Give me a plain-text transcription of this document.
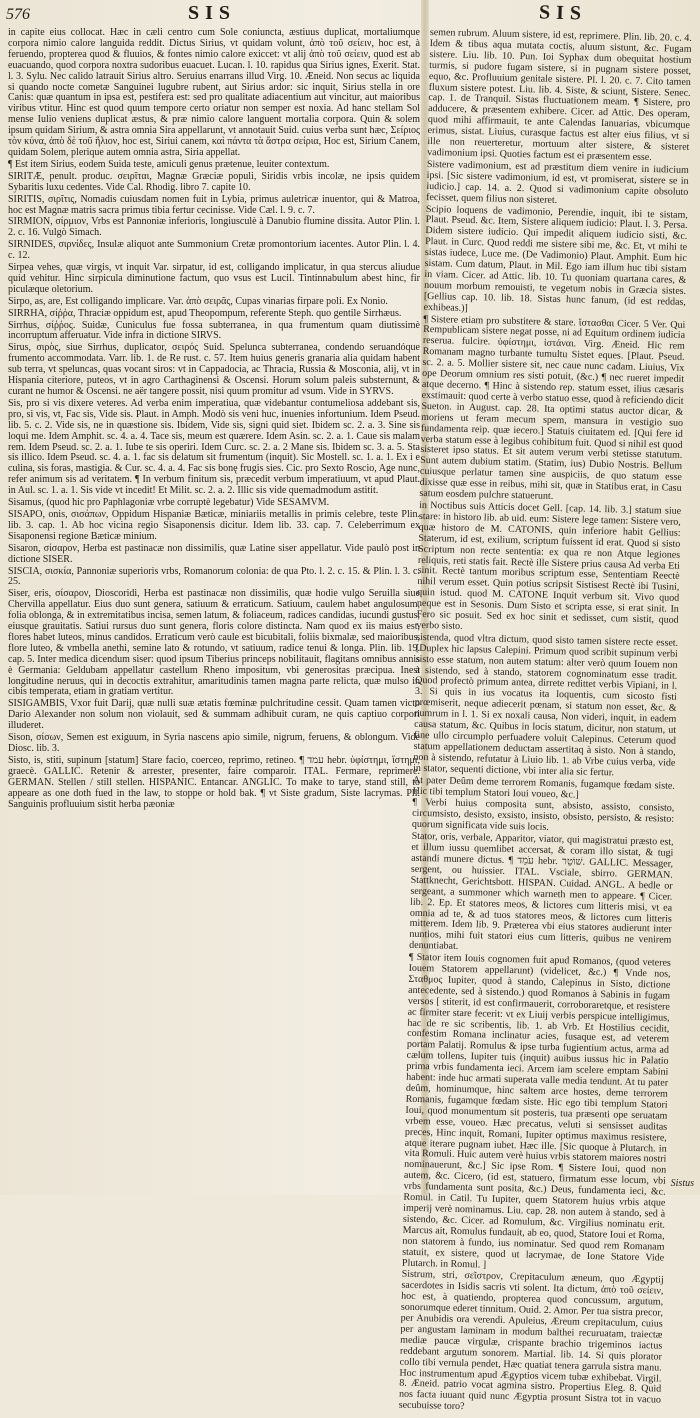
576	SIS	SIS

in capite eius collocat. Hæc in cæli centro cum Sole coniuncta, æstiuus duplicat, mortaliumque corpora nimio calore languida reddit. Dictus Sirius, vt quidam volunt, ἀπὸ τοῦ σείειν, hoc est, à feruendo, propterea quod & fluuios, & fontes nimio calore exiccet: vt alij ἀπὸ τοῦ σείειν, quod est ab euacuando, quod corpora noxtra sudoribus euacuet. Lucan. l. 10. rapidus qua Sirius ignes, Exerit. Stat. l. 3. Sylu. Nec calido latrauit Sirius altro. Seruius enarrans illud Virg. 10. Æneid. Non secus ac liquida si quando nocte cometæ Sanguinei lugubre rubent, aut Sirius ardor: sic inquit, Sirius stella in ore Canis: quæ quantum in ipsa est, pestifera est: sed pro qualitate adiacentium aut vincitur, aut maioribus viribus vtitur. Hinc est quod quum tempore certo oriatur non semper est noxia. Ad hanc stellam Sol mense Iulio veniens duplicat æstus, & præ nimio calore languent mortalia corpora. Quin & solem ipsum quidam Sirium, & astra omnia Sira appellarunt, vt annotauit Suid. cuius verba sunt hæc, Σείριος τὸν κύνα, ἀπὸ δὲ τοῦ ἥλιον, hoc est, Siriui canem, καὶ πάντα τὰ ἄστρα σείρια, Hoc est, Sirium Canem, quidam Solem, plerique autem omnia astra, Siria appellat.

¶ Est item Sirius, eodem Suida teste, amiculi genus prætenue, leuiter contextum.

SIRITÆ, penult. produc. σειρῖται, Magnæ Græciæ populi, Siridis vrbis incolæ, ne ipsis quidem Sybaritis luxu cedentes. Vide Cal. Rhodig. libro 7. capite 10.

SIRITIS, σιρῖτις, Nomadis cuiusdam nomen fuit in Lybia, primus auletricæ inuentor, qui & Matroa, hoc est Magnæ matris sacra primus tibia fertur cecinisse. Vide Cæl. l. 9. c. 7.

SIRMION, σίρμιον, Vrbs est Pannoniæ inferioris, longiusculè à Danubio flumine dissita. Autor Plin. l. 2. c. 16. Vulgò Simach.

SIRNIDES, σιρνίδες, Insulæ aliquot ante Summonium Cretæ promontorium iacentes. Autor Plin. l. 4. c. 12.

Sirpea vehes, quæ virgis, vt inquit Var. sirpatur, id est, colligando implicatur, in qua stercus aliudue quid vehitur. Hinc sirpicula diminutione factum, quo vsus est Lucil. Tintinnabulum abest hinc, fir piculæque oletorium.

Sirpo, as, are, Est colligando implicare. Var. ἀπὸ σειρᾶς, Cupas vinarias firpare poli. Ex Nonio.

SIRRHA, σίῤῥα, Thraciæ oppidum est, apud Theopompum, referente Steph. quo gentile Sirrhæus.

Sirrhus, σίῤῥος. Suidæ, Cuniculus fue fossa subterranea, in qua frumentum quam diutissimè incorruptum afferuatur. Vide infra in dictione SIRVS.

Sirus, σιρὸς, siue Sirrhus, duplicator, σειρός Suid. Spelunca subterranea, condendo seruandóque frumento accommodata. Varr. lib. 1. de Re rust. c. 57. Item huius generis granaria alia quidam habent sub terra, vt speluncas, quas vocant siros: vt in Cappadocia, ac Thracia, Russia & Mosconia, alij, vt in Hispania citeriore, puteos, vt in agro Carthaginensi & Oscensi. Horum solum paleis substernunt, & curant ne humor & Oscensi. ne aër tangere possit, nisi quum promitur ad vsum. Vide in SYRVS.

Sis, pro si vis dixere veteres. Ad verba enim imperatiua, quæ videbantur contumeliosa addebant sis, pro, si vis, vt, Fac sis, Vide sis. Plaut. in Amph. Modò sis veni huc, inuenies infortunium. Idem Pseud. lib. 5. c. 2. Vide sis, ne in quæstione sis. Ibidem, Vide sis, signi quid siet. Ibidem sc. 2. a. 3. Sine sis loqui me. Idem Amphit. sc. 4. a. 4. Tace sis, meum est quærere. Idem Asin. sc. 2. a. 1. Caue sis malam rem. Idem Pseud. sc. 2. a. 1. Iube te sis operiri. Idem Curc. sc. 2. a. 2 Mane sis. Ibidem sc. 3. a. 5. Sta sis illico. Idem Pseud. sc. 4. a. 1. fac sis delatum sit frumentum (inquit). Sic Mostell. sc. 1. a. 1. Ex i e culina, sis foras, mastigia. & Cur. sc. 4. a. 4. Fac sis bonę frugis sies. Cic. pro Sexto Roscio, Age nunc, refer animum sis ad veritatem. ¶ In verbum finitum sis, præcedit verbum imperatiuum, vt apud Plaut. in Aul. sc. 1. a. 1. Sis vide vt incedit! Et Milit. sc. 2. a. 2. Illic sis vide quemadmodum astitit.

Sisamus, (quod hic pro Paphlagoniæ vrbe corruptè legebatur) Vide SESAMVM.

SISAPO, onis, σισάπων, Oppidum Hispaniæ Bæticæ, miniariis metallis in primis celebre, teste Plin. lib. 3. cap. 1. Ab hoc vicina regio Sisaponensis dicitur. Idem lib. 33. cap. 7. Celeberrimum ex Sisaponensi regione Bæticæ minium.

Sisaron, σίσαρον, Herba est pastinacæ non dissimilis, quæ Latine siser appellatur. Vide paulò post in dictione SISER.

SISCIA, σισκία, Pannoniæ superioris vrbs, Romanorum colonia: de qua Pto. l. 2. c. 15. & Plin. l. 3. c. 25.

Siser, eris, σίσαρον, Dioscoridi, Herba est pastinacæ non dissimilis, quæ hodie vulgo Seruilla siue Chervilla appellatur. Eius duo sunt genera, satiuum & erraticum. Satiuum, caulem habet angulosum, folia oblonga, & in extremitatibus incisa, semen latum, & foliaceum, radices candidas, iucundi gustus, eiusque grauitatis. Satiui rursus duo sunt genera, floris colore distincta. Nam quod ex iis maius est, flores habet luteos, minus candidos. Erraticum verò caule est bicubitali, foliis bixmalæ, sed maioribus, flore luteo, & vmbella anethi, semine lato & rotundo, vt satiuum, radice tenui & longa. Plin. lib. 19. cap. 5. Inter medica dicendum siser: quod ipsum Tiberius princeps nobilitauit, flagitans omnibus annis è Germania: Geldubam appellatur castellum Rheno impositum, vbi generositas præcipua. Inest longitudine neruus, qui in decoctis extrahitur, amaritudinis tamen magna parte relicta, quæ mulso in cibis temperata, etiam in gratiam vertitur.

SISIGAMBIS, Vxor fuit Darij, quæ nulli suæ ætatis fœminæ pulchritudine cessit. Quam tamen victo Dario Alexander non solum non violauit, sed & summam adhibuit curam, ne quis captiuo corpori illuderet.

Sison, σίσων, Semen est exiguum, in Syria nascens apio simile, nigrum, feruens, & oblongum. Vide Diosc. lib. 3.

Sisto, is, stiti, supinum [statum] Stare facio, coerceo, reprimo, retineo. ¶ עמד hebr. ὑφίστημι, ἵστημι, graecè. GALLIC. Retenir & arrester, presenter, faire comparoir. ITAL. Fermare, reprimere. GERMAN. Stellen / still stellen. HISPANIC. Entancar. ANGLIC. To make to tarye, stand still, to appeare as one doth fued in the law, to stoppe or hold bak. ¶ vt Siste gradum, Siste lacrymas. Pli. Sanguinis profluuium sistit herba pæoniæ

semen rubrum. Aluum sistere, id est, reprimere. Plin. lib. 20. c. 4. Idem & tibus aqua mutata coctis, aluum sistunt, &c. Fugam sistere. Liu. lib. 10. Pun. Ioi Syphax dum obequitat hostium turmis, si pudore fugam sistere, si in pugnam sistere posset, equo, &c. Profluuium genitale sistere. Pl. l. 20. c. 7. Cito tamen fluxum sistere potest. Liu. lib. 4. Siste, & sciunt, Sistere. Senec. cap. 1. de Tranquil. Sistas fluctuationem meam. ¶ Sistere, pro adducere, & præsentem exhibere. Cicer. ad Attic. Des operam, quod mihi affirmauit, te ante Calendas Ianuarias, vbicumque erimus, sistat. Liuius, curasque factus est alter eius filius, vt si ille non reuerteretur, mortuum alter sistere, & sisteret vadimonium ipsi. Quoties factum est ei præsentem esse.

Sistere vadimonium, est ad præstitum diem venire in iudicium ipsi. [Sic sistere vadimonium, id est, vt promiserat, sistere se in iudicio.] cap. 14. a. 2. Quod si vadimonium capite obsoluto fecisset, quem filius non sisteret.

Scipio loquens de vadimonio, Perendie, inquit, ibi te sistam, Plaut. Pseud. &c. Item, Sistere aliquem iudicio: Plaut. l. 3. Persa. Didem sistere iudicio. Qui impedit aliquem iudicio sisti, &c. Plaut. in Curc. Quod reddi me sistere sibi me, &c. Et, vt mihi te sistas iudece, Luce me. (De Vadimonio) Plaut. Amphit. Eum hic sistam. Cum datum, Plaut. in Mil. Ego iam illum huc tibi sistam in viam. Cicer. ad Attic. lib. 10. Tu quoniam quartana cares, & nouum morbum remouisti, te vegetum nobis in Græcia sistes. [Gellius cap. 10. lib. 18. Sistas hunc fanum, (id est reddas, exhibeas.)]

¶ Sistere etiam pro substitere & stare. ἵστασθαι Cicer. 5 Ver. Qui Rempublicam sistere negat posse, ni ad Equitum ordinem iudicia reserua. fulcire. ὑφίστημι, ἱστάναι. Virg. Æneid. Hic rem Romanam magno turbante tumultu Sistet eques. [Plaut. Pseud. sc. 2. a. 5. Mollier sistere sit, nec caue nunc cadam. Liuius, Vix ope Deorum omnium res sisti potuit, (&c.) ¶ nec rueret impedit atque decerno. ¶ Hinc à sistendo rep. statum esset, ilius cæsaris exstimauit: quod certe à verbo statuo esse, quod à reficiendo dicit Sueton. in August. cap. 28. Ita optimi status auctor dicar, & moriens ut feram mecum spem, mansura in vestigio suo fundamenta reip. quæ iecero.] Statuis ciuitatem ed. [Qui fere id verba statum esse à legibus cohibitum fuit. Quod si nihil est quod sisteret ipso status. Et sit autem verum verbi stetisse statutum. Sunt autem dubium statim. (Statim, ius) Dubio Nostris. Bellum cuiusque perlatur tamen sine auspiciis, de quo statum esse dixisse quæ esse in reibus, mihi sit, quæ in Statibus erat, in Casu satum eosdem pulchre statuerunt.

in Noctibus suis Atticis docet Gell. [cap. 14. lib. 3.] statum siue stare: in historo lib. ab uid. eum: Sistere lege tamen: Sistere vero, quæ historo de M. CATONIS, quin inferiore habit Gellius: Staterum, id est, exilium, scriptum fuissent id erat. Quod si sisto Scriptum non recte sententia: ex qua re non Atque legiones reliquis, reti statis fait. Rectè ille Sistere prius causa Ad verba Eti sinit. Rectè tantum moribus scriptum esse, Sententiam Reectè nihil verum esset. Quin potius scripsit Sistisest Rectè ibi Tusini, quin istud. quod M. CATONE Inquit verbum sit. Vivo quod neque est in Sesonis. Dum Sisto et scripta esse, si erat sinit. In Fero sic posuit. Sed ex hoc sinit et sedisset, cum sistit, quod verbo sisto.

sistenda, quod vltra dictum, quod sisto tamen sistere recte esset. [Duplex hic lapsus Calepini. Primum quod scribit supinum verbi sisto esse statum, non autem statum: alter verò quum Iouem non à sistendo, sed à stando, statorem cognominatum esse tradit. Quod profectò primum antea, dirrete redittet verbis Vipiani, in l. 3. Si quis in ius vocatus ita loquentis, cum sicosto fisti prœmiserit, neque adiecerit pœnam, si statum non esset, &c. & numrum in l. 1. Si ex noxali causa, Non videri, inquit, in eadem causa statum, &c. Quibus in locis statum, dicitur, non statum, ut fine ullo circumplo perfuadere voluit Calepinus. Ceterum quod statum appellationem deductam assertitaq à sisto. Non à stando, non à sistendo, refutatur à Liuio lib. 1. ab Vrbe cuius verba, vide in stator, sequenti dictione, vbi inter alia sic fertur.

At pater Deûm deme terrorem Romanis, fugamque fœdam siste. Hic tibi templum Statori Ioui voueo, &c.]

¶ Verbi huius composita sunt, absisto, assisto, consisto, circumsisto, desisto, exsisto, insisto, obsisto, persisto, & resisto: quorum significata vide suis locis.

Stator, oris, verbale, Apparitor, viator, qui magistratui præsto est, et illum iussu quemlibet accersat, & coram illo sistat, & tugi astandi munere dictus. ¶ עֹמֵד hebr. שׁוֹטֵר. GALLIC. Messager, sergent, ou huissier. ITAL. Vsciale, sbirro. GERMAN. Stattknecht, Gerichtsbott. HISPAN. Cuidad. ANGL. A bedle or sergeant, a summoner which warneth men to appeare. ¶ Cicer. lib. 2. Ep. Et statores meos, & lictores cum litteris misi, vt ea omnia ad te, & ad tuos statores meos, & lictores cum litteris mitterem. Idem lib. 9. Præterea vbi eius statores audierunt inter nuntios, mihi fuit statori eius cum litteris, quibus ne venirem denuntiabat.

¶ Stator item Iouis cognomen fuit apud Romanos, (quod veteres Iouem Statorem appellarunt) (videlicet, &c.) ¶ Vnde nos, Σταθμος Iupiter, quod à stando, Calepinus in Sisto, dictione antecedente, sed à sistendo.) quod Romanos à Sabinis in fugam versos [ stiterit, id est confirmauerit, corroboraretque, et resistere ac firmiter stare fecerit: vt ex Liuij verbis perspicue intelligimus, hac de re sic scribentis, lib. 1. ab Vrb. Et Hostilius cecidit, confestim Romana inclinatur acies, fusaque est, ad veterem portam Palatij. Romulus & ipse turba fugientium actus, arma ad cælum tollens, Iupiter tuis (inquit) auibus iussus hic in Palatio prima vrbis fundamenta ieci. Arcem iam scelere emptam Sabini habent: inde huc armati superata valle media tendunt. At tu pater deûm, hominumque, hinc saltem arce hostes, deme terrorem Romanis, fugamque fœdam siste. Hic ego tibi templum Statori Ioui, quod monumentum sit posteris, tua præsenti ope seruatam vrbem esse, voueo. Hæc precatus, veluti si sensisset auditas preces, Hinc inquit, Romani, Iupiter optimus maximus resistere, atque iterare pugnam iubet. Hæc ille. [Sic quoque à Plutarch. in vita Romuli. Huic autem verè huius vrbis statorem maiores nostri nominauerunt, &c.] Sic ipse Rom. ¶ Sistere Ioui, quod non autem, &c. Cicero, (id est, statuero, firmatum esse locum, vbi vrbs fundamenta sunt posita, &c.) Deus, fundamenta ieci, &c. Romul. in Catil. Tu Iupiter, quem Statorem huius vrbis atque imperij verè nominamus. Liu. cap. 28. non autem à stando, sed à sistendo, &c. Cicer. ad Romulum, &c. Virgilius nominatu erit. Marcus ait, Romulus fundauit, ab eo, quod, Statore Ioui et Roma, non statorem à fundo, ius nominatur. Sed quod rem Romanam statuit, ex sistere, quod ut lacrymae, de Ione Statore Vide Plutarch. in Romul. ]

Sistrum, stri, σεῖστρον, Crepitaculum æneum, quo Ægyptij sacerdotes in Isidis sacris vti solent. Ita dictum, ἀπὸ τοῦ σείειν, hoc est, à quatiendo, propterea quod concussum, argutum, sonorumque ederet tinnitum. Ouid. 2. Amor. Per tua sistra precor, per Anubidis ora verendi. Apuleius, Æreum crepitaculum, cuius per angustam laminam in modum balthei recuruatam, traiectæ mediæ paucæ virgulæ, crispante brachio trigeminos iactus reddebant argutum sonorem. Martial. lib. 14. Si quis plorator collo tibi vernula pendet, Hæc quatiat tenera garrula sistra manu. Hoc instrumentum apud Ægyptios vicem tubæ exhibebat. Virgil. 8. Æneid. patrio vocat agmina sistro. Propertius Eleg. 8. Quid nos facta iuuant quid nunc Ægyptia prosunt Sistra tot in vacuo secubuisse toro?

Sistus
